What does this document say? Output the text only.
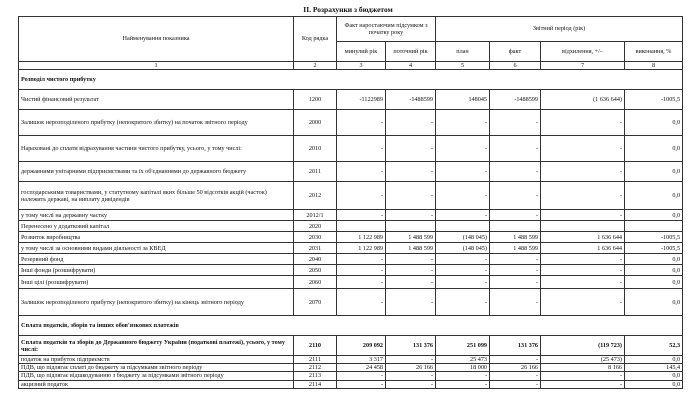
II. Розрахунки з бюджетом
Найменування показника	Код рядка	Факт наростаючим підсумком з початку року		Звітний період (рік)			
		минулий рік	поточний рік	план	факт	відхилення, +/–	виконання, %
1	2	3	4	5	6	7	8
Розподіл чистого прибутку							
Чистий фінансовий результат	1200	-1122989	-1488599	148045	-1488599	(1 636 644)	-1005,5
Залишок нерозподіленого прибутку (непокритого збитку) на початок звітного періоду	2000	-	-	-	-	-	0,0
Нараховані до сплати відрахування частини чистого прибутку, усього, у тому числі:	2010	-	-	-	-	-	0,0
державними унітарними підприємствами та їх об'єднаннями до державного бюджету	2011	-	-	-	-	-	0,0
господарськими товариствами, у статутному капіталі яких більше 50 відсотків акцій (часток) належить державі, на виплату дивідендів	2012	-	-	-	-	-	0,0
у тому числі на державну частку	2012/1	-	-	-	-	-	0,0
Перенесено у додатковий капітал	2020						
Розвиток виробництва	2030	1 122 989	1 488 599	(148 045)	1 488 599	1 636 644	-1005,5
у тому числі за основними видами діяльності за КВЕД	2031	1 122 989	1 488 599	(148 045)	1 488 599	1 636 644	-1005,5
Резервний фонд	2040	-	-	-	-	-	0,0
Інші фонди (розшифрувати)	2050	-	-	-	-	-	0,0
Інші цілі (розшифрувати)	2060	-	-	-	-	-	0,0
Залишок нерозподіленого прибутку (непокритого збитку) на кінець звітного періоду	2070	-	-	-	-	-	0,0
Сплата податків, зборів та інших обов'язкових платежів							
Сплата податків та зборів до Державного бюджету України (податкові платежі), усього, у тому числі:	2110	209 092	131 376	251 099	131 376	(119 723)	52,3
податок на прибуток підприємств	2111	3 317	-	25 473	-	(25 473)	0,0
ПДВ, що підлягає сплаті до бюджету за підсумками звітного періоду	2112	24 458	26 166	18 000	26 166	8 166	145,4
ПДВ, що підлягає відшкодуванню з бюджету за підсумками звітного періоду	2113	-	-	-	-	-	0,0
акцизний податок	2114	-	-	-	-	-	0,0
